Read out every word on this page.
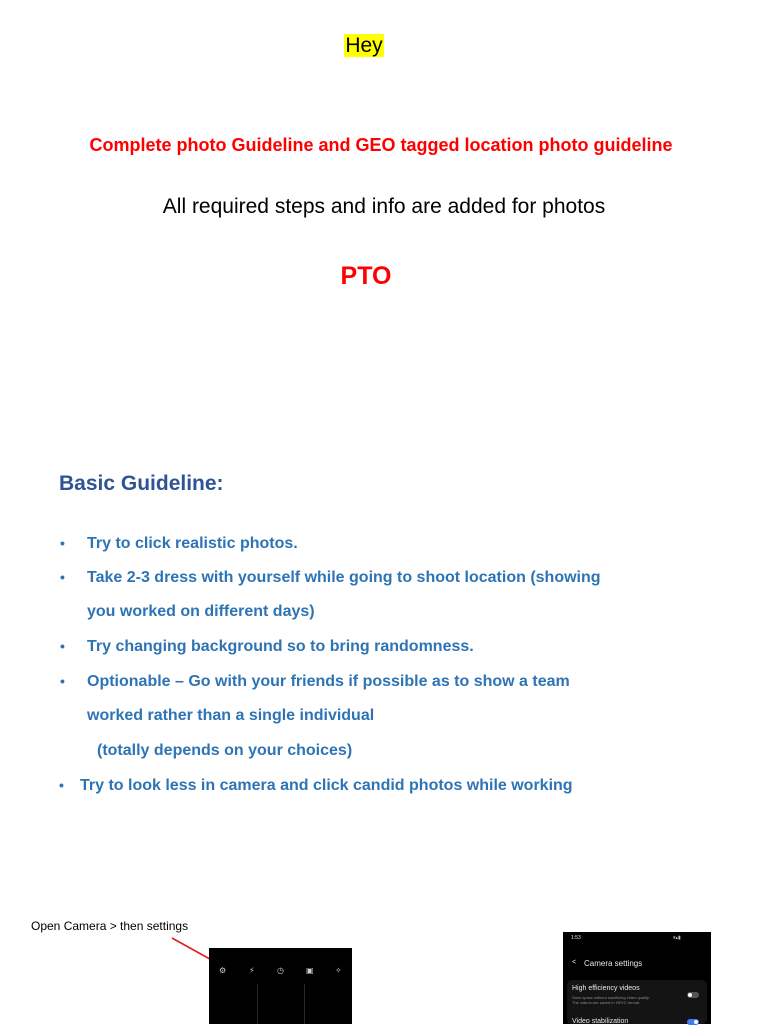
Hey
Complete photo Guideline and GEO tagged location photo guideline
All required steps and info are added for photos
PTO
Basic Guideline:
• Try to click realistic photos.
• Take 2-3 dress with yourself while going to shoot location (showing
you worked on different days)
• Try changing background so to bring randomness.
• Optionable – Go with your friends if possible as to show a team
worked rather than a single individual
(totally depends on your choices)
• Try to look less in camera and click candid photos while working
Open Camera > then settings
⚙	⚡	◷	▣	✧
1:53	▾▴▮
< Camera settings
High efficiency videos
Save space without sacrificing video quality.
The videos are saved in HEVC format.
Video stabilization
